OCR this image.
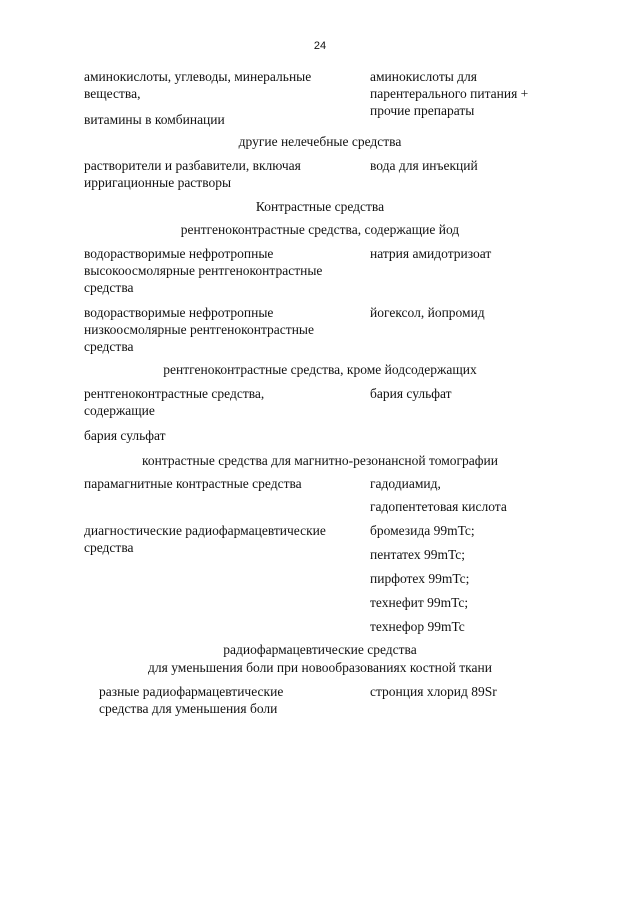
24
аминокислоты, углеводы, минеральные вещества,
витамины в комбинации
аминокислоты для парентерального питания + прочие препараты
другие нелечебные средства
растворители и разбавители, включая ирригационные растворы
вода для инъекций
Контрастные средства
рентгеноконтрастные средства, содержащие йод
водорастворимые нефротропные высокоосмолярные рентгеноконтрастные средства
натрия амидотризоат
водорастворимые нефротропные низкоосмолярные рентгеноконтрастные средства
йогексол, йопромид
рентгеноконтрастные средства, кроме йодсодержащих
рентгеноконтрастные средства, содержащие
бария сульфат
бария сульфат
контрастные средства для магнитно-резонансной томографии
парамагнитные контрастные средства	гадодиамид,
гадопентетовая кислота
диагностические радиофармацевтические средства
бромезида 99mTc;
пентатех 99mTc;
пирфотех 99mTc;
технефит 99mTc;
технефор 99mTc
радиофармацевтические средства
для уменьшения боли при новообразованиях костной ткани
разные радиофармацевтические средства для уменьшения боли
стронция хлорид 89Sr
